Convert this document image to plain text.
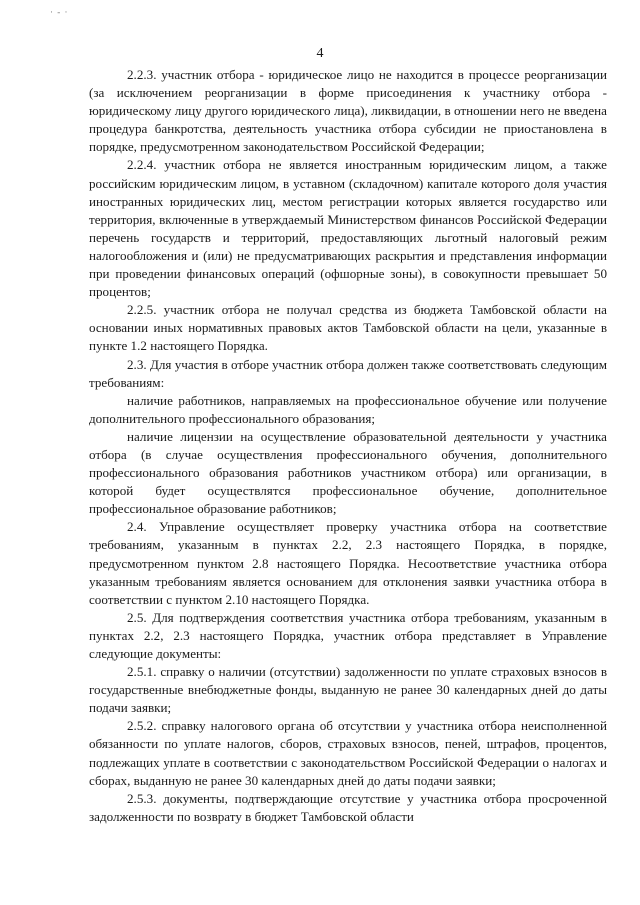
· ‑ ·
4

2.2.3. участник отбора - юридическое лицо не находится в процессе реорганизации (за исключением реорганизации в форме присоединения к участнику отбора - юридическому лицу другого юридического лица), ликвидации, в отношении него не введена процедура банкротства, деятельность участника отбора субсидии не приостановлена в порядке, предусмотренном законодательством Российской Федерации;

2.2.4. участник отбора не является иностранным юридическим лицом, а также российским юридическим лицом, в уставном (складочном) капитале которого доля участия иностранных юридических лиц, местом регистрации которых является государство или территория, включенные в утверждаемый Министерством финансов Российской Федерации перечень государств и территорий, предоставляющих льготный налоговый режим налогообложения и (или) не предусматривающих раскрытия и представления информации при проведении финансовых операций (офшорные зоны), в совокупности превышает 50 процентов;

2.2.5. участник отбора не получал средства из бюджета Тамбовской области на основании иных нормативных правовых актов Тамбовской области на цели, указанные в пункте 1.2 настоящего Порядка.

2.3. Для участия в отборе участник отбора должен также соответствовать следующим требованиям:

наличие работников, направляемых на профессиональное обучение или получение дополнительного профессионального образования;

наличие лицензии на осуществление образовательной деятельности у участника отбора (в случае осуществления профессионального обучения, дополнительного профессионального образования работников участником отбора) или организации, в которой будет осуществлятся профессиональное обучение, дополнительное профессиональное образование работников;

2.4. Управление осуществляет проверку участника отбора на соответствие требованиям, указанным в пунктах 2.2, 2.3 настоящего Порядка, в порядке, предусмотренном пунктом 2.8 настоящего Порядка. Несоответствие участника отбора указанным требованиям является основанием для отклонения заявки участника отбора в соответствии с пунктом 2.10 настоящего Порядка.

2.5. Для подтверждения соответствия участника отбора требованиям, указанным в пунктах 2.2, 2.3 настоящего Порядка, участник отбора представляет в Управление следующие документы:

2.5.1. справку о наличии (отсутствии) задолженности по уплате страховых взносов в государственные внебюджетные фонды, выданную не ранее 30 календарных дней до даты подачи заявки;

2.5.2. справку налогового органа об отсутствии у участника отбора неисполненной обязанности по уплате налогов, сборов, страховых взносов, пеней, штрафов, процентов, подлежащих уплате в соответствии с законодательством Российской Федерации о налогах и сборах, выданную не ранее 30 календарных дней до даты подачи заявки;

2.5.3. документы, подтверждающие отсутствие у участника отбора просроченной задолженности по возврату в бюджет Тамбовской области
